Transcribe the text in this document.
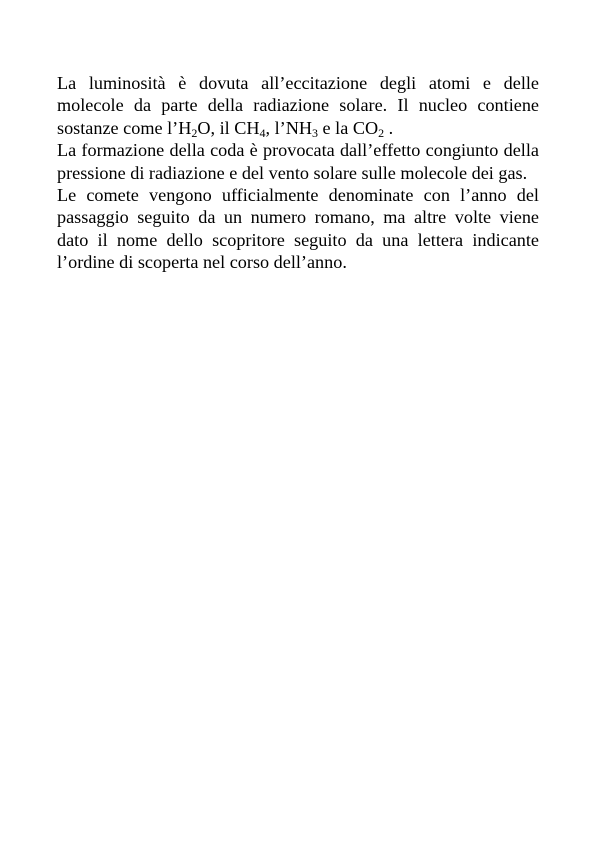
La luminosità è dovuta all’eccitazione degli atomi e delle molecole da parte della radiazione solare. Il nucleo contiene sostanze come $l’H_2O$, il $CH_4$, $l’NH_3$ e la $CO_2$ .

La formazione della coda è provocata dall’effetto congiunto della pressione di radiazione e del vento solare sulle molecole dei gas.

Le comete vengono ufficialmente denominate con l’anno del passaggio seguito da un numero romano, ma altre volte viene dato il nome dello scopritore seguito da una lettera indicante l’ordine di scoperta nel corso dell’anno.
